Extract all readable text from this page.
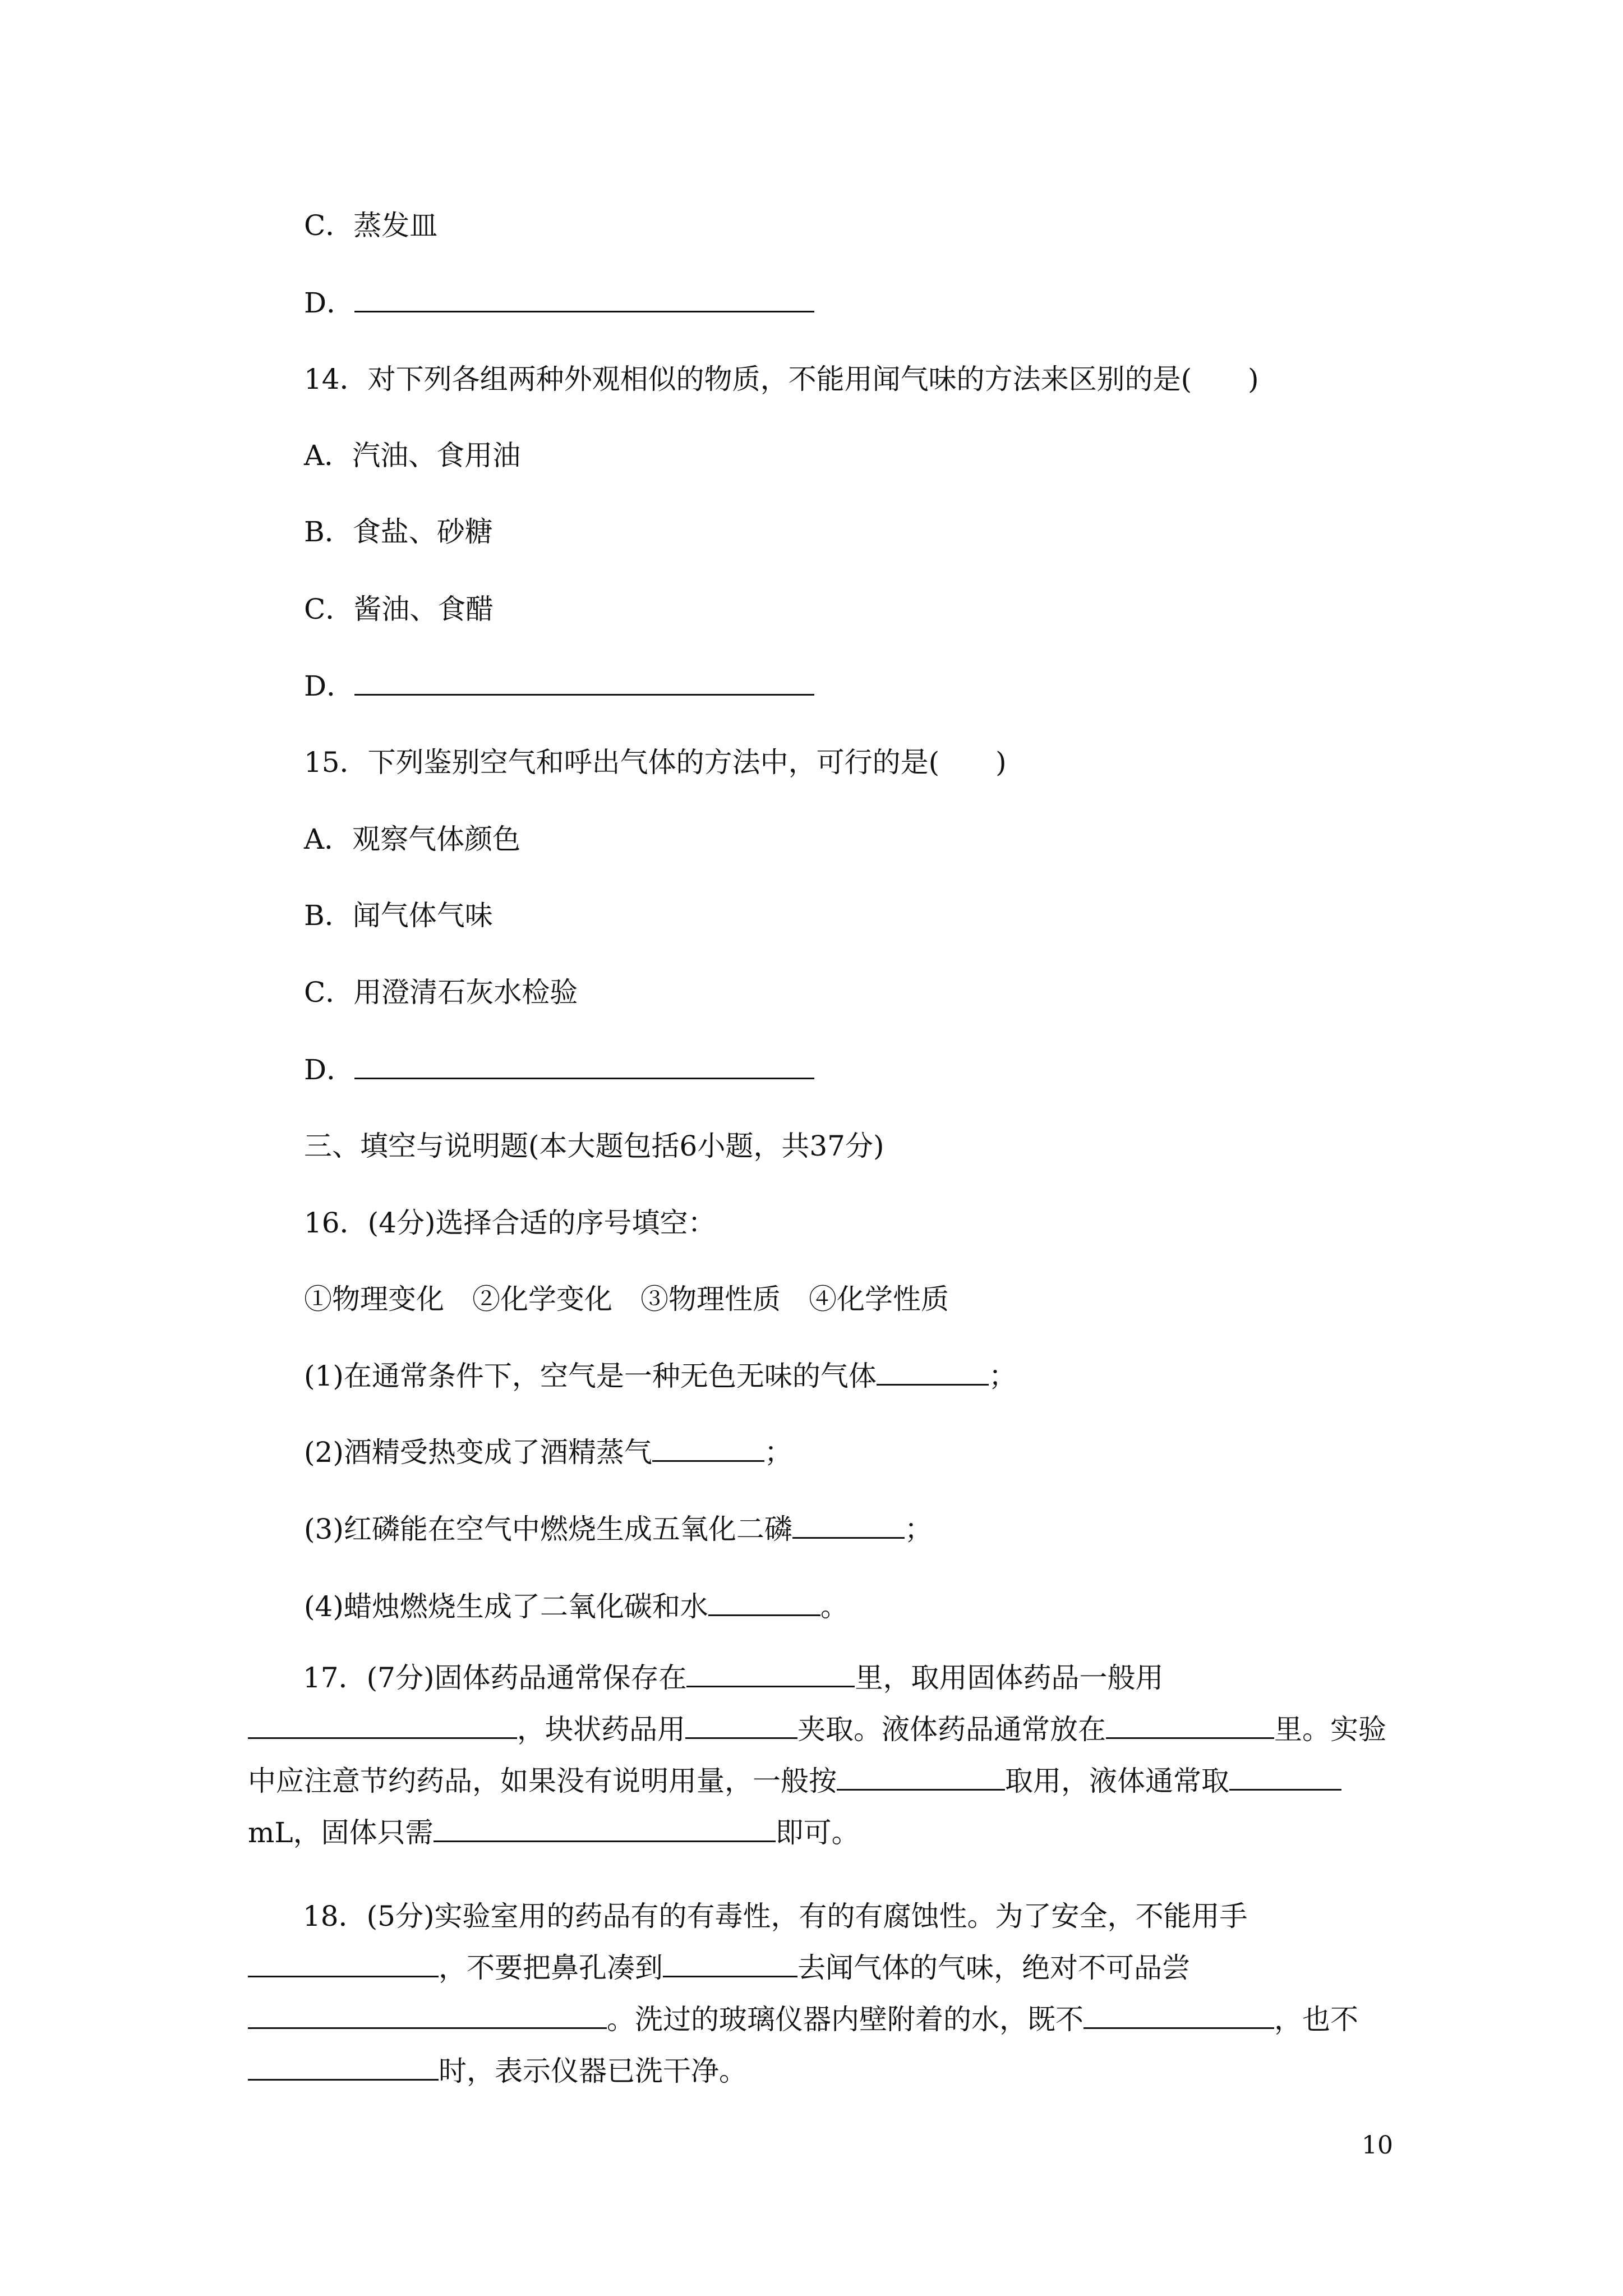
C．蒸发皿
D．
14．对下列各组两种外观相似的物质，不能用闻气味的方法来区别的是(　　)
A．汽油、食用油
B．食盐、砂糖
C．酱油、食醋
D．
15．下列鉴别空气和呼出气体的方法中，可行的是(　　)
A．观察气体颜色
B．闻气体气味
C．用澄清石灰水检验
D．
三、填空与说明题(本大题包括6小题，共37分)
16．(4分)选择合适的序号填空：
①物理变化　②化学变化　③物理性质　④化学性质
(1)在通常条件下，空气是一种无色无味的气体	；
(2)酒精受热变成了酒精蒸气	；
(3)红磷能在空气中燃烧生成五氧化二磷	；
(4)蜡烛燃烧生成了二氧化碳和水	。
17．(7分)固体药品通常保存在	里，取用固体药品一般用，块状药品用	夹取。液体药品通常放在	里。实验中应注意节约药品，如果没有说明用量，一般按	取用，液体通常取mL，固体只需	即可。
18．(5分)实验室用的药品有的有毒性，有的有腐蚀性。为了安全，不能用手，不要把鼻孔凑到	去闻气体的气味，绝对不可品尝。洗过的玻璃仪器内壁附着的水，既不	，也不时，表示仪器已洗干净。
10
